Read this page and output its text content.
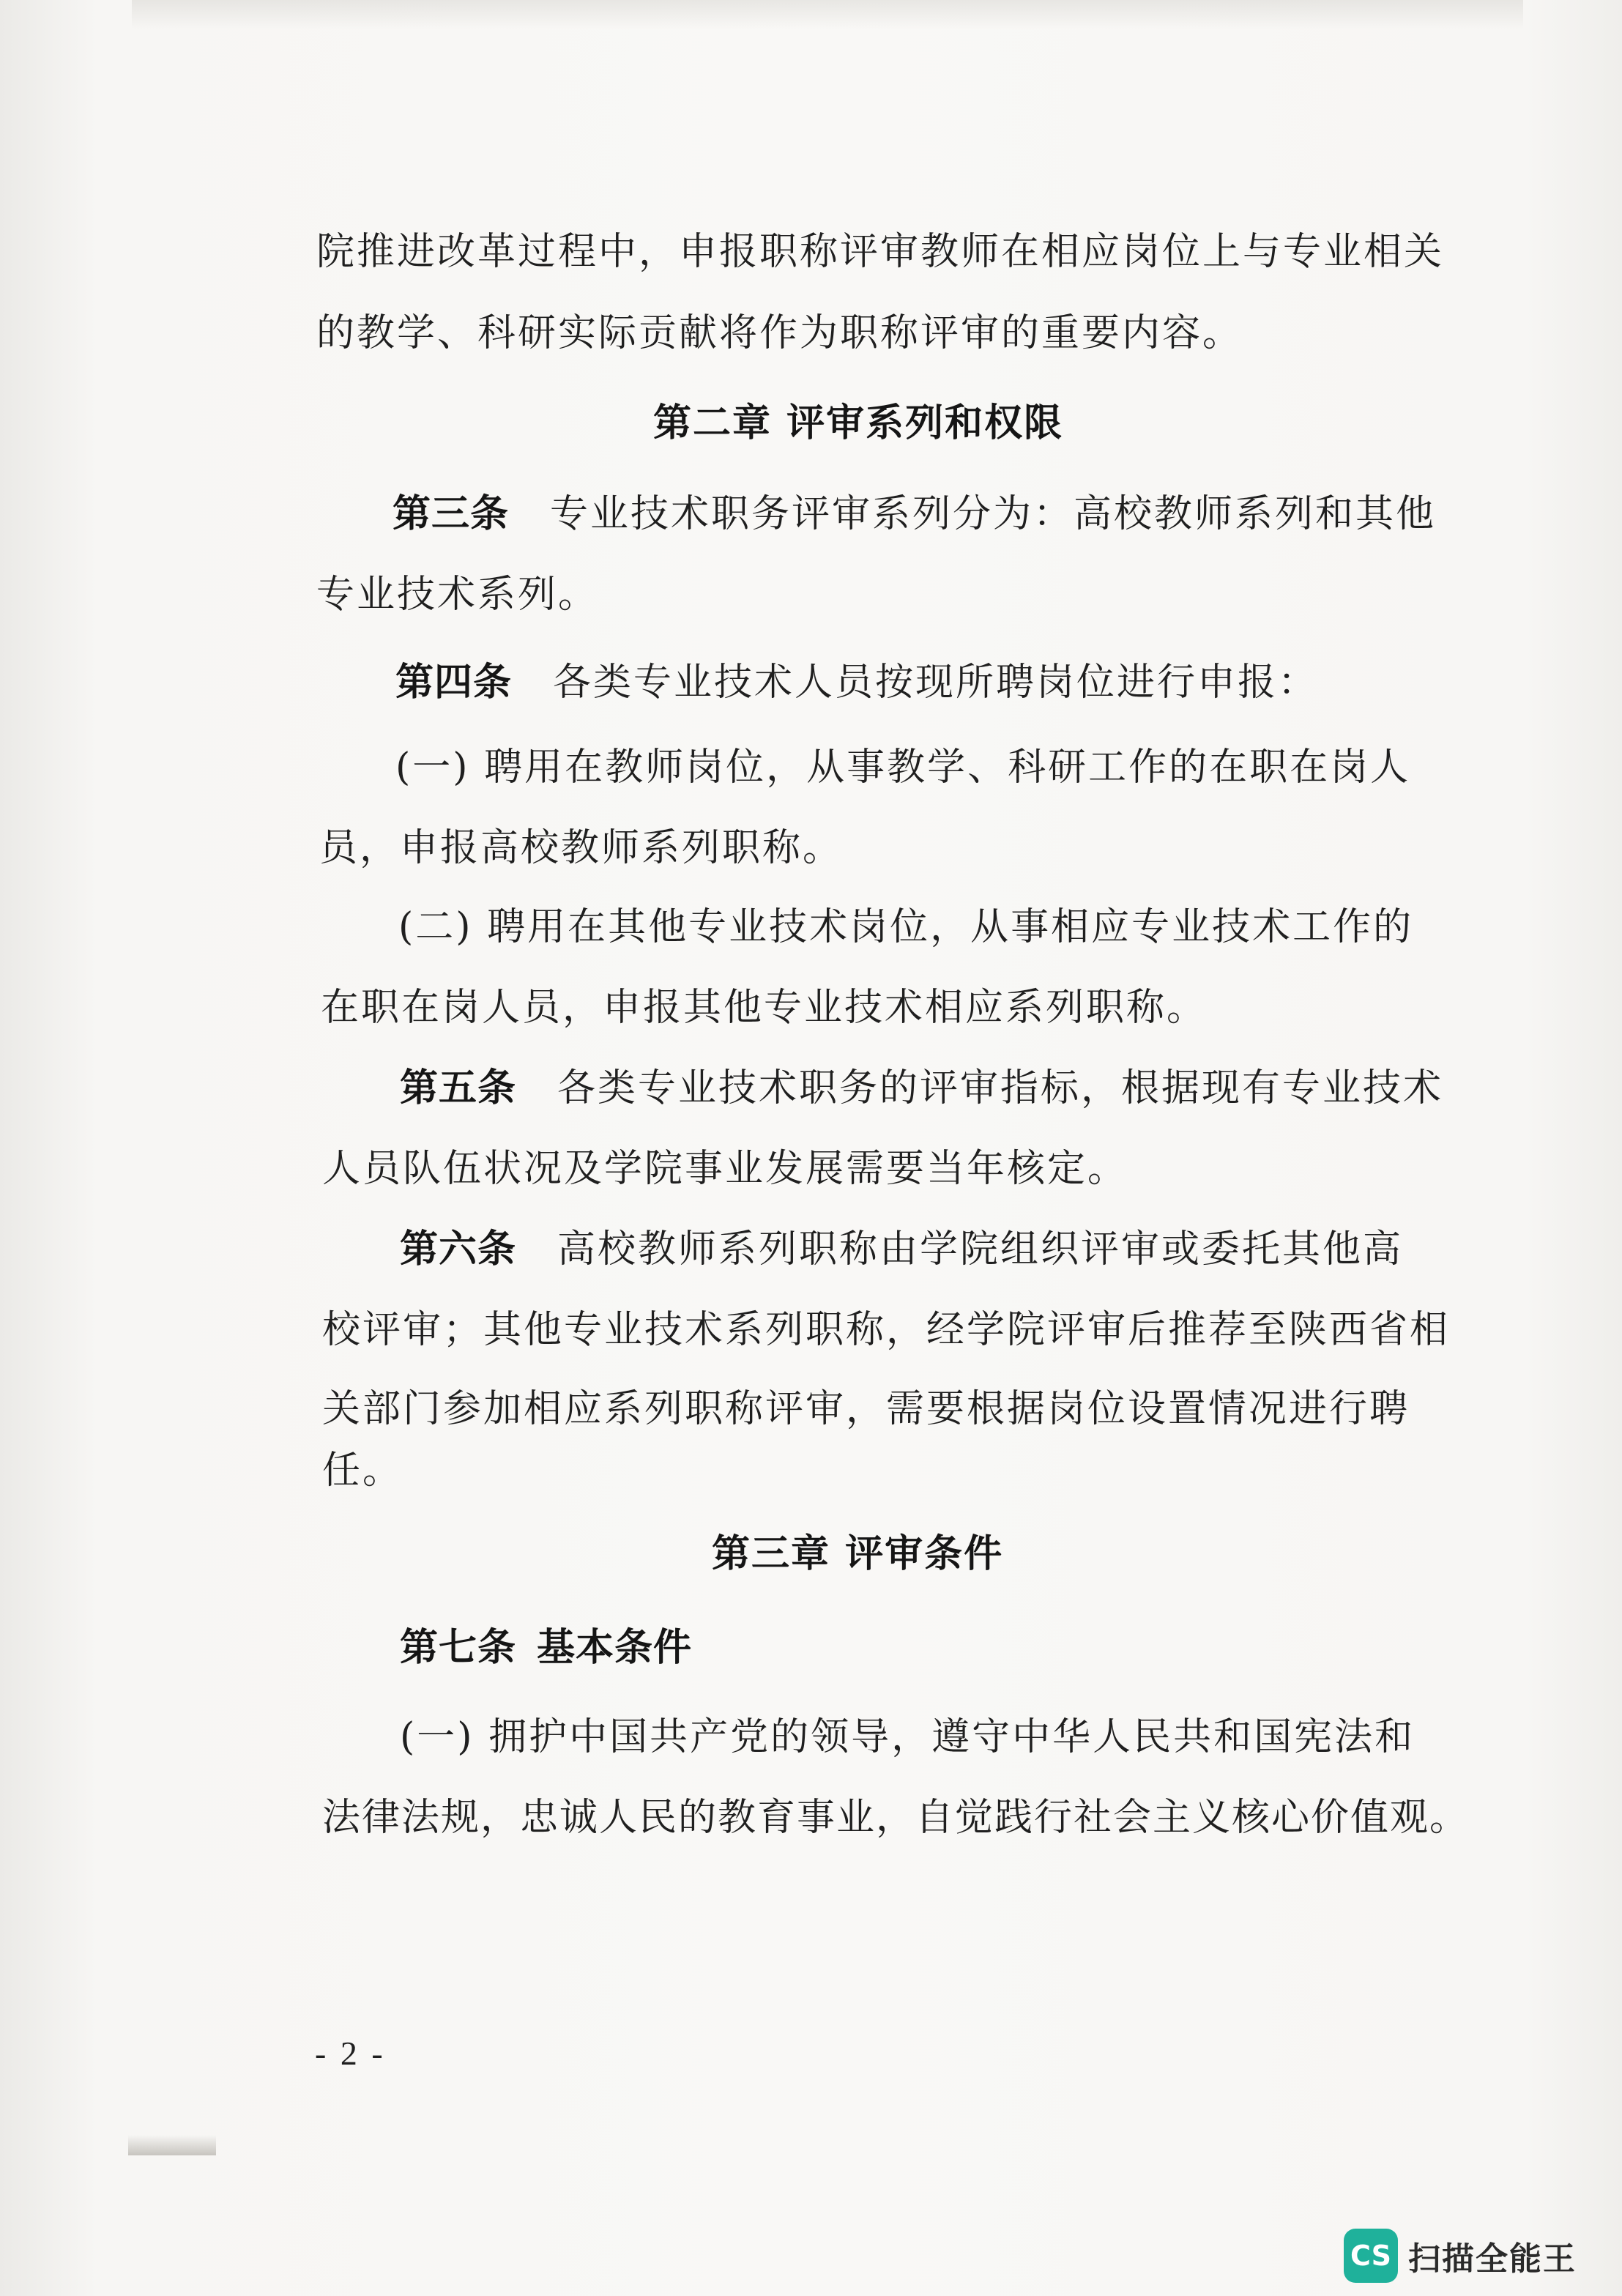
院推进改革过程中，申报职称评审教师在相应岗位上与专业相关
的教学、科研实际贡献将作为职称评审的重要内容。
第二章 评审系列和权限
第三条 专业技术职务评审系列分为：高校教师系列和其他
专业技术系列。
第四条 各类专业技术人员按现所聘岗位进行申报：
(一) 聘用在教师岗位，从事教学、科研工作的在职在岗人
员，申报高校教师系列职称。
(二) 聘用在其他专业技术岗位，从事相应专业技术工作的
在职在岗人员，申报其他专业技术相应系列职称。
第五条 各类专业技术职务的评审指标，根据现有专业技术
人员队伍状况及学院事业发展需要当年核定。
第六条 高校教师系列职称由学院组织评审或委托其他高
校评审；其他专业技术系列职称，经学院评审后推荐至陕西省相
关部门参加相应系列职称评审，需要根据岗位设置情况进行聘
任。
第三章 评审条件
第七条 基本条件
(一) 拥护中国共产党的领导，遵守中华人民共和国宪法和
法律法规，忠诚人民的教育事业，自觉践行社会主义核心价值观。
- 2 -
CS 扫描全能王
